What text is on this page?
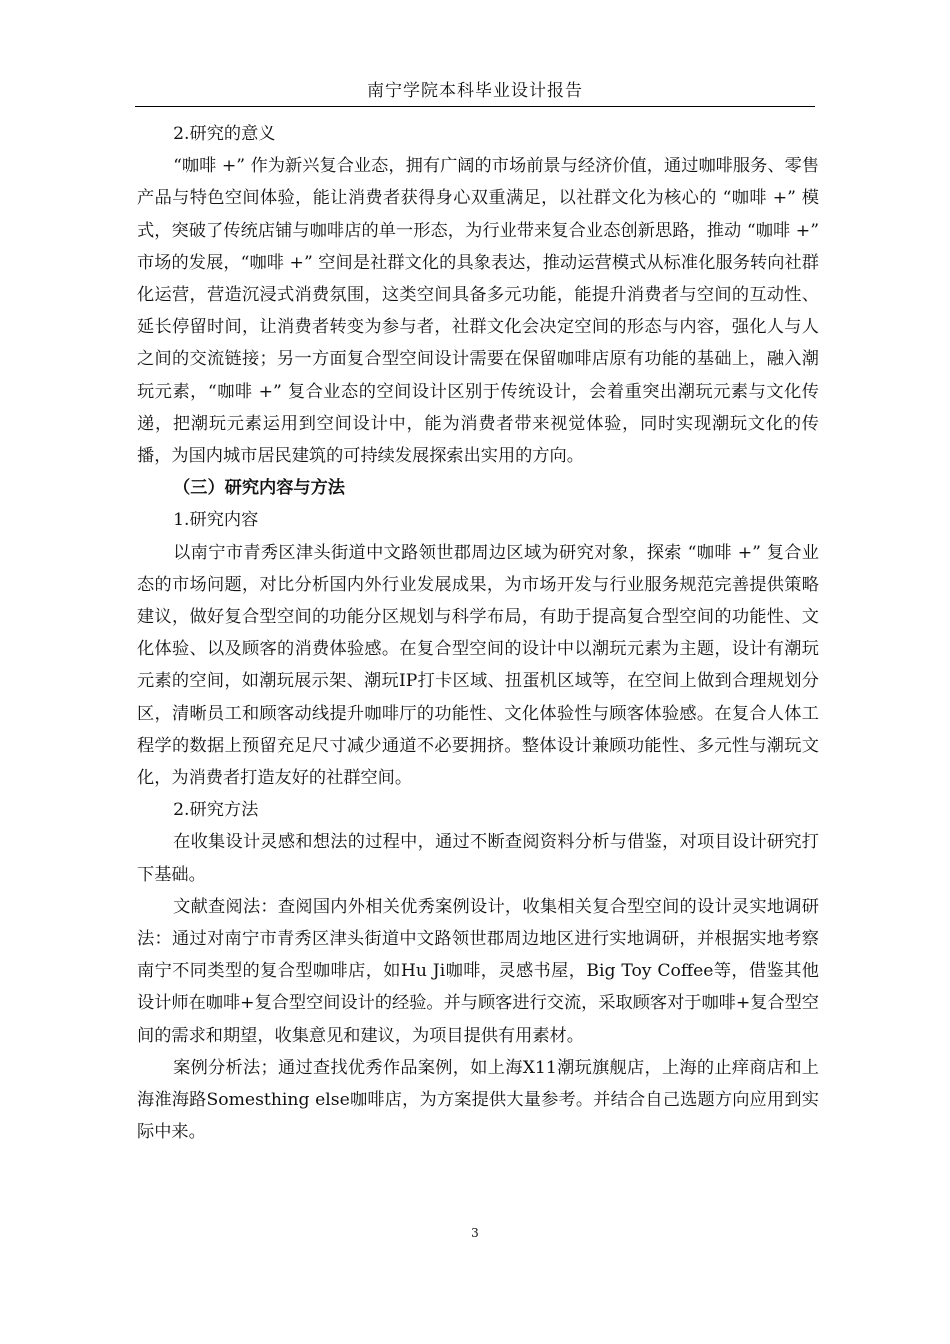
南宁学院本科毕业设计报告

2.研究的意义

“咖啡 +” 作为新兴复合业态，拥有广阔的市场前景与经济价值，通过咖啡服务、零售产品与特色空间体验，能让消费者获得身心双重满足，以社群文化为核心的 “咖啡 +” 模式，突破了传统店铺与咖啡店的单一形态，为行业带来复合业态创新思路，推动 “咖啡 +” 市场的发展，“咖啡 +” 空间是社群文化的具象表达，推动运营模式从标准化服务转向社群化运营，营造沉浸式消费氛围，这类空间具备多元功能，能提升消费者与空间的互动性、延长停留时间，让消费者转变为参与者，社群文化会决定空间的形态与内容，强化人与人之间的交流链接；另一方面复合型空间设计需要在保留咖啡店原有功能的基础上，融入潮玩元素，“咖啡 +” 复合业态的空间设计区别于传统设计，会着重突出潮玩元素与文化传递，把潮玩元素运用到空间设计中，能为消费者带来视觉体验，同时实现潮玩文化的传播，为国内城市居民建筑的可持续发展探索出实用的方向。

（三）研究内容与方法

1.研究内容

以南宁市青秀区津头街道中文路领世郡周边区域为研究对象，探索 “咖啡 +” 复合业态的市场问题，对比分析国内外行业发展成果，为市场开发与行业服务规范完善提供策略建议，做好复合型空间的功能分区规划与科学布局，有助于提高复合型空间的功能性、文化体验、以及顾客的消费体验感。在复合型空间的设计中以潮玩元素为主题，设计有潮玩元素的空间，如潮玩展示架、潮玩IP打卡区域、扭蛋机区域等，在空间上做到合理规划分区，清晰员工和顾客动线提升咖啡厅的功能性、文化体验性与顾客体验感。在复合人体工程学的数据上预留充足尺寸减少通道不必要拥挤。整体设计兼顾功能性、多元性与潮玩文化，为消费者打造友好的社群空间。

2.研究方法

在收集设计灵感和想法的过程中，通过不断查阅资料分析与借鉴，对项目设计研究打下基础。

文献查阅法：查阅国内外相关优秀案例设计，收集相关复合型空间的设计灵实地调研法：通过对南宁市青秀区津头街道中文路领世郡周边地区进行实地调研，并根据实地考察南宁不同类型的复合型咖啡店，如Hu Ji咖啡，灵感书屋，Big Toy Coffee等，借鉴其他设计师在咖啡+复合型空间设计的经验。并与顾客进行交流，采取顾客对于咖啡+复合型空间的需求和期望，收集意见和建议，为项目提供有用素材。

案例分析法；通过查找优秀作品案例，如上海X11潮玩旗舰店，上海的止痒商店和上海淮海路Somesthing else咖啡店，为方案提供大量参考。并结合自己选题方向应用到实际中来。

3
